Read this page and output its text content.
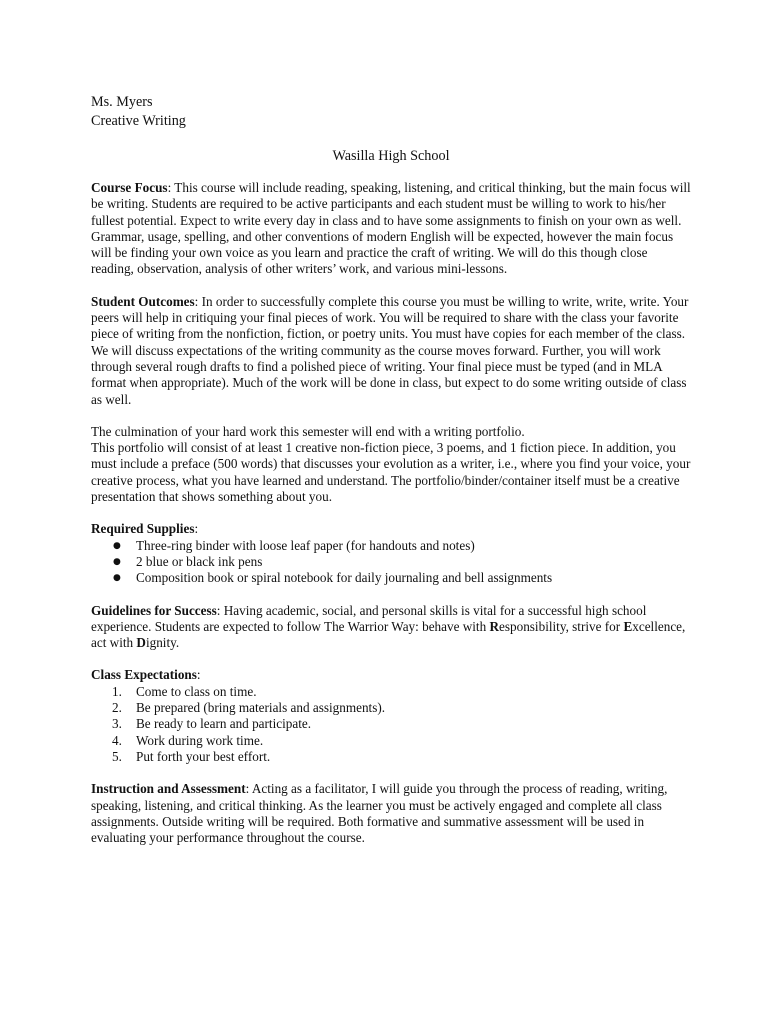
Ms. Myers
Creative Writing
Wasilla High School

Course Focus: This course will include reading, speaking, listening, and critical thinking, but the main focus will be writing. Students are required to be active participants and each student must be willing to work to his/her fullest potential. Expect to write every day in class and to have some assignments to finish on your own as well. Grammar, usage, spelling, and other conventions of modern English will be expected, however the main focus will be finding your own voice as you learn and practice the craft of writing. We will do this though close reading, observation, analysis of other writers’ work, and various mini-lessons.

Student Outcomes: In order to successfully complete this course you must be willing to write, write, write. Your peers will help in critiquing your final pieces of work. You will be required to share with the class your favorite piece of writing from the nonfiction, fiction, or poetry units. You must have copies for each member of the class. We will discuss expectations of the writing community as the course moves forward. Further, you will work through several rough drafts to find a polished piece of writing. Your final piece must be typed (and in MLA format when appropriate). Much of the work will be done in class, but expect to do some writing outside of class as well.

The culmination of your hard work this semester will end with a writing portfolio.
This portfolio will consist of at least 1 creative non-fiction piece, 3 poems, and 1 fiction piece. In addition, you must include a preface (500 words) that discusses your evolution as a writer, i.e., where you find your voice, your creative process, what you have learned and understand. The portfolio/binder/container itself must be a creative presentation that shows something about you.

Required Supplies:
● Three-ring binder with loose leaf paper (for handouts and notes)
● 2 blue or black ink pens
● Composition book or spiral notebook for daily journaling and bell assignments

Guidelines for Success: Having academic, social, and personal skills is vital for a successful high school experience. Students are expected to follow The Warrior Way: behave with Responsibility, strive for Excellence, act with Dignity.

Class Expectations:
1. Come to class on time.
2. Be prepared (bring materials and assignments).
3. Be ready to learn and participate.
4. Work during work time.
5. Put forth your best effort.

Instruction and Assessment: Acting as a facilitator, I will guide you through the process of reading, writing, speaking, listening, and critical thinking. As the learner you must be actively engaged and complete all class assignments. Outside writing will be required. Both formative and summative assessment will be used in evaluating your performance throughout the course.
